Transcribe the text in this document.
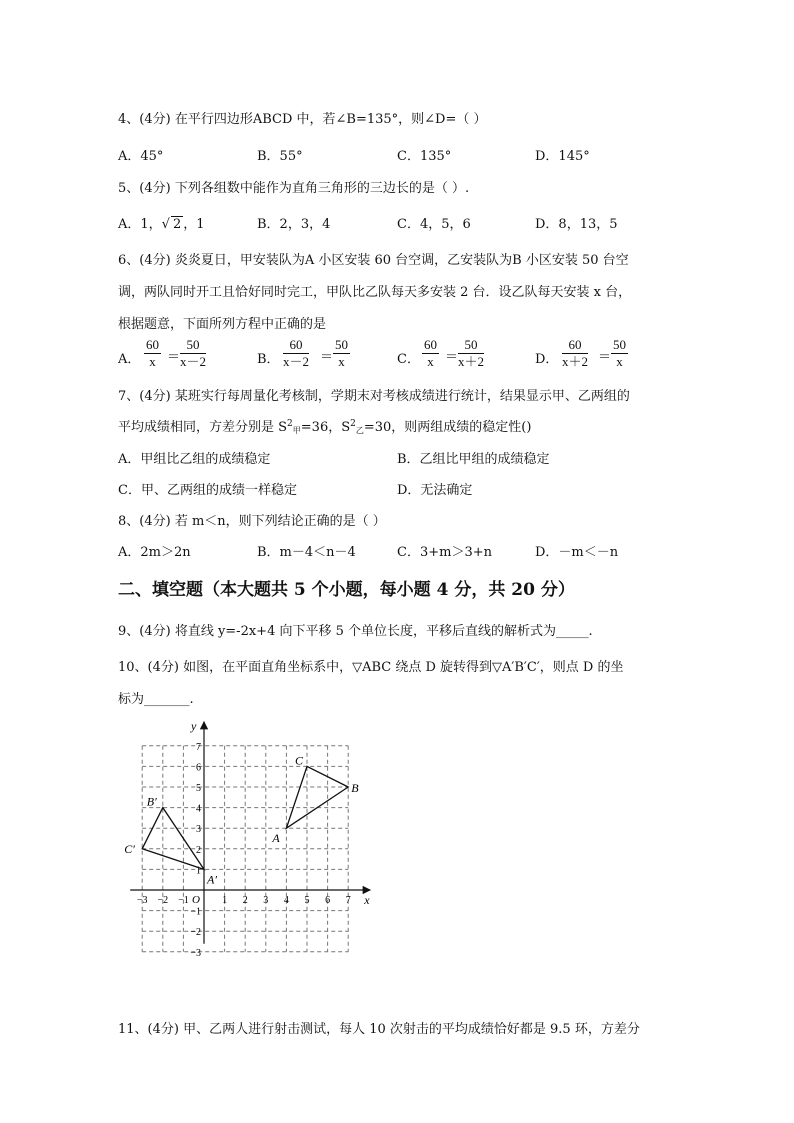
4、(4分) 在平行四边形ABCD 中，若∠B=135°，则∠D=（ ）
A．45°	B．55°	C．135°	D．145°
5、(4分) 下列各组数中能作为直角三角形的三边长的是（ ）.
A．1，√ 2 ，1	B．2，3，4	C．4，5，6	D．8，13，5
6、(4分) 炎炎夏日，甲安装队为A 小区安装 60 台空调，乙安装队为B 小区安装 50 台空
调，两队同时开工且恰好同时完工，甲队比乙队每天多安装 2 台．设乙队每天安装 x 台，
根据题意，下面所列方程中正确的是
A． $\frac{60}{x} = \frac{50}{x-2}$	B． $\frac{60}{x-2} = \frac{50}{x}$	C． $\frac{60}{x} = \frac{50}{x+2}$	D． $\frac{60}{x+2} = \frac{50}{x}$
7、(4分) 某班实行每周量化考核制，学期末对考核成绩进行统计，结果显示甲、乙两组的
平均成绩相同，方差分别是 $S^2_甲=36$，$S^2_乙=30$，则两组成绩的稳定性()
A．甲组比乙组的成绩稳定	B．乙组比甲组的成绩稳定
C．甲、乙两组的成绩一样稳定	D．无法确定
8、(4分) 若 m＜n，则下列结论正确的是（ ）
A．2m＞2n	B．m－4＜n－4	C．3+m＞3+n	D．－m＜－n
二、填空题（本大题共 5 个小题，每小题 4 分，共 20 分）
9、(4分) 将直线 y=-2x+4 向下平移 5 个单位长度，平移后直线的解析式为_____.
10、(4分) 如图，在平面直角坐标系中，▽ABC 绕点 D 旋转得到▽A′B′C′，则点 D 的坐
标为_______.
x
y
O
−3 −2 −1	1 2 3 4 5 6 7
7
6
5
4
3
2
1
−1
−2
−3
A
B
C
A′
B′
C′
11、(4分) 甲、乙两人进行射击测试，每人 10 次射击的平均成绩恰好都是 9.5 环，方差分
